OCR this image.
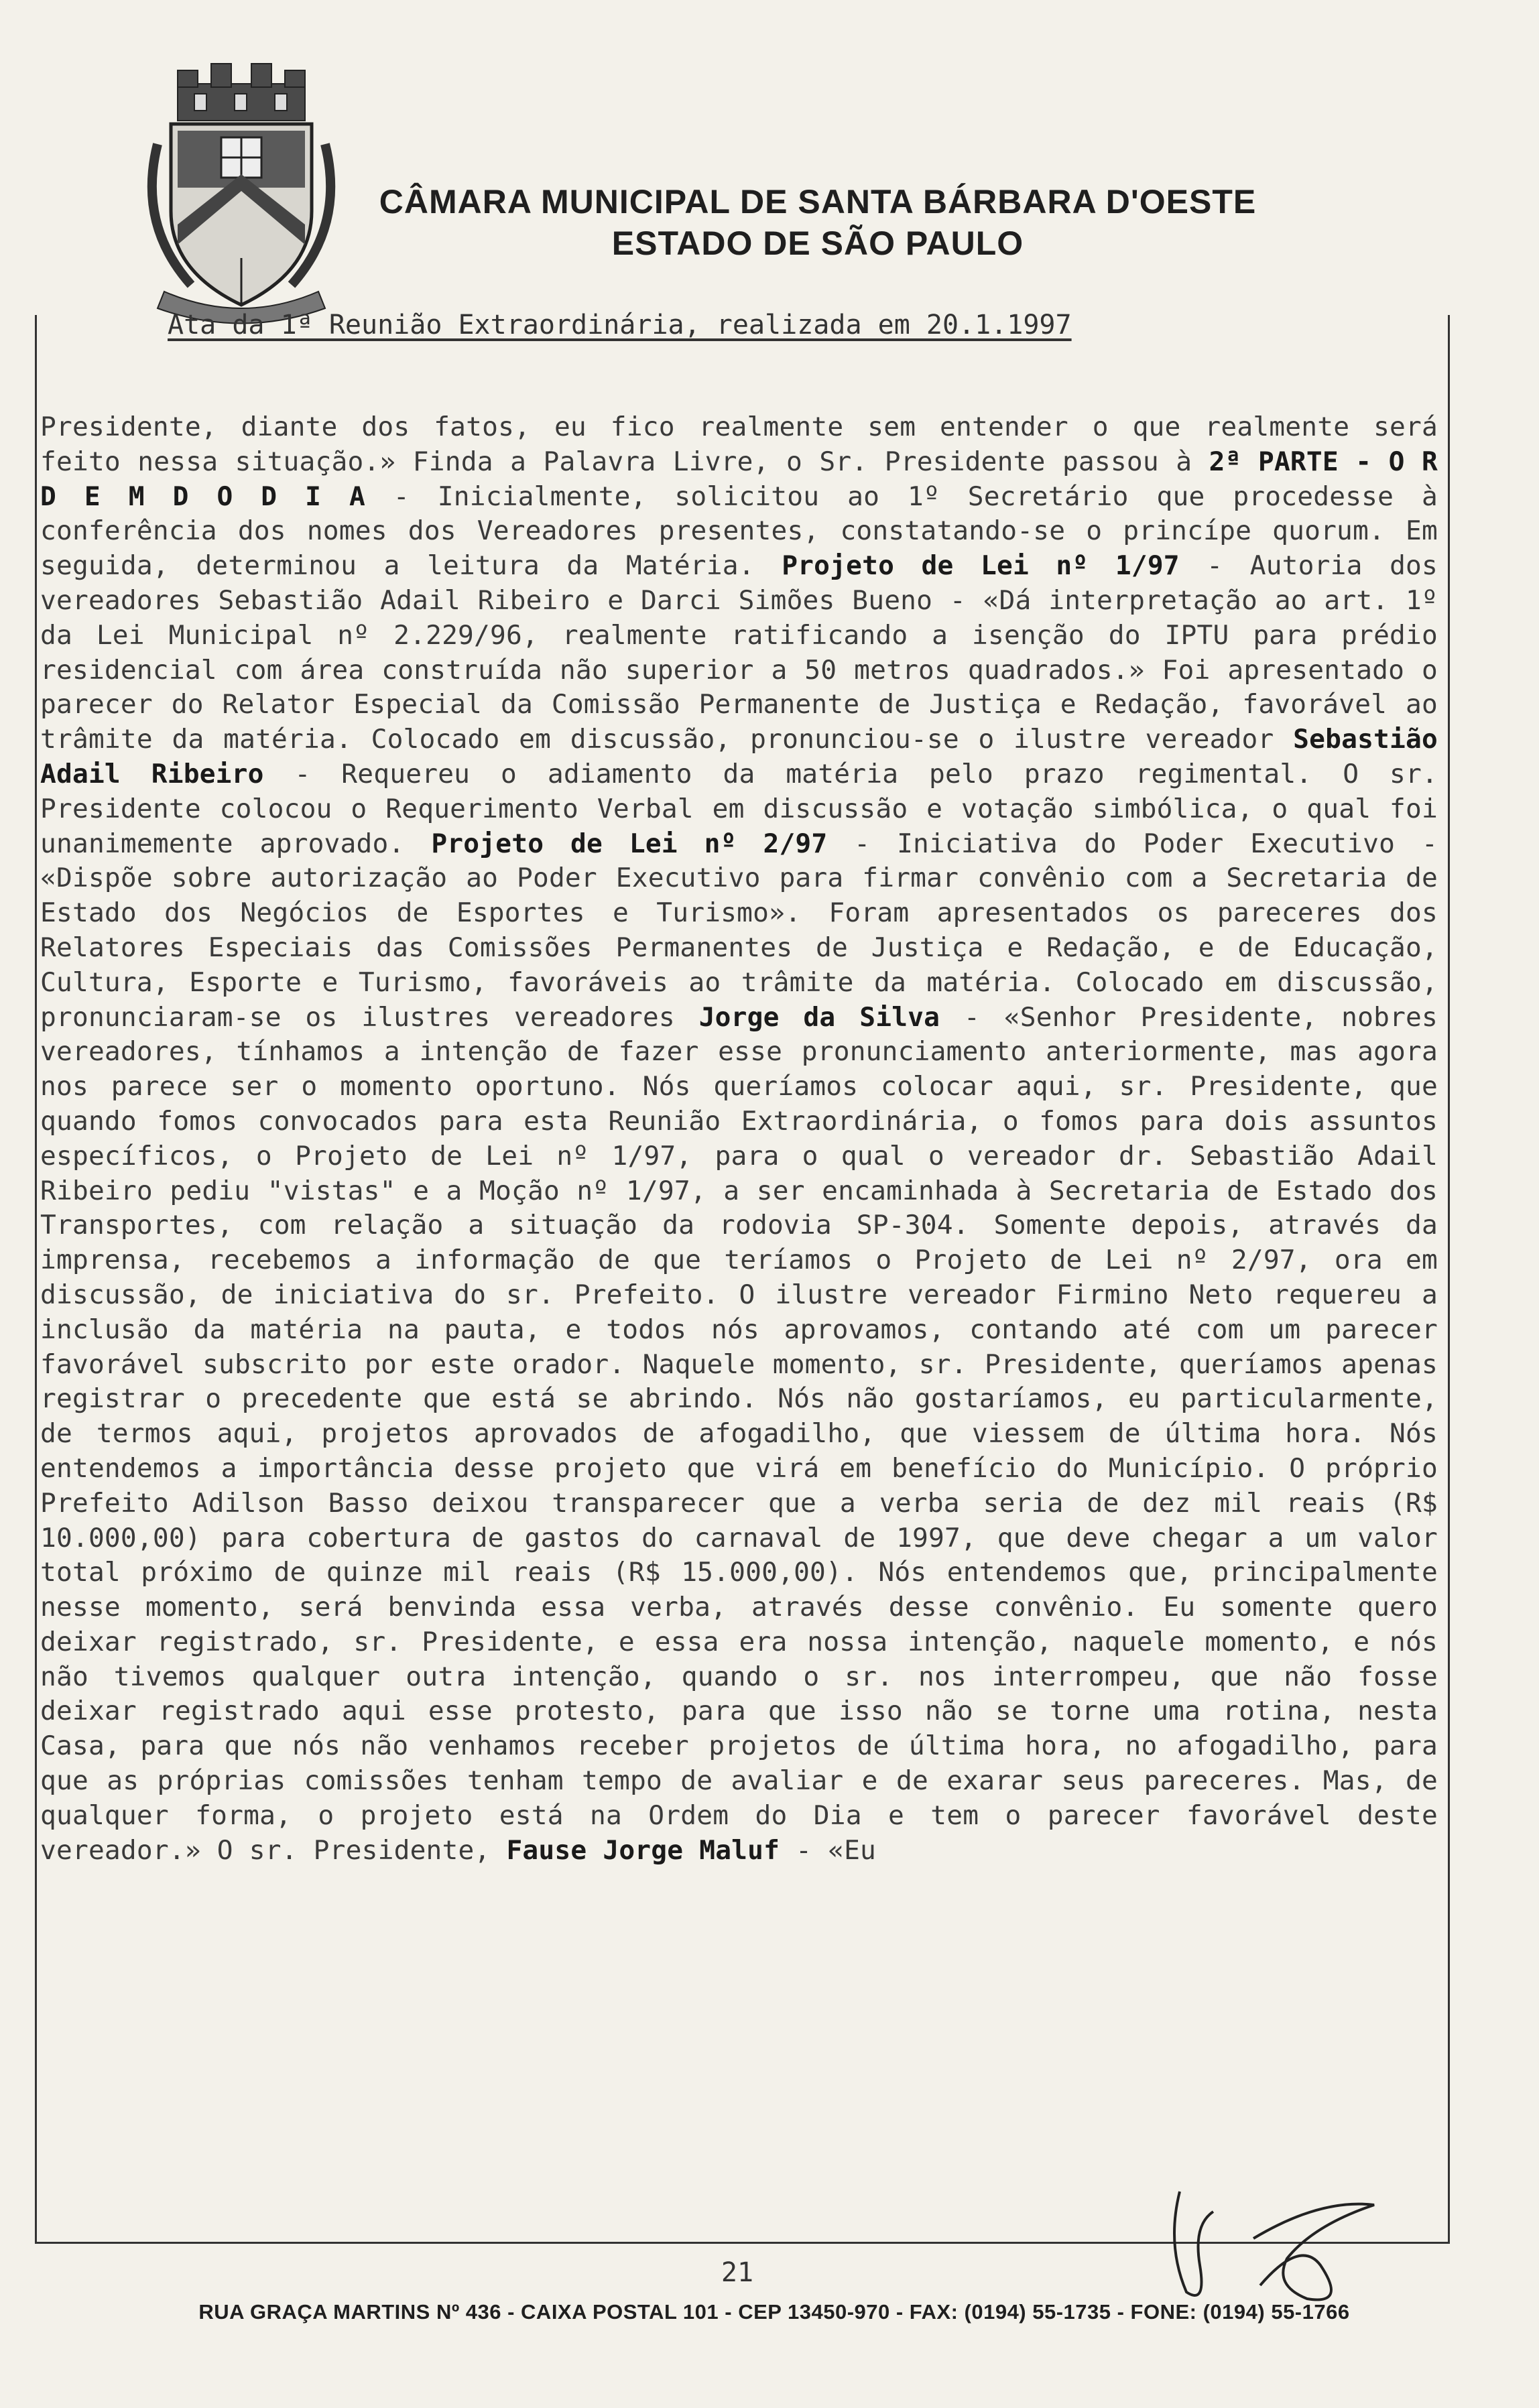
CÂMARA MUNICIPAL DE SANTA BÁRBARA D'OESTE
ESTADO DE SÃO PAULO
Ata da 1ª Reunião Extraordinária, realizada em 20.1.1997
Presidente, diante dos fatos, eu fico realmente sem entender o que realmente será feito nessa situação.» Finda a Palavra Livre, o Sr. Presidente passou à 2ª PARTE - O R D E M D O D I A - Inicialmente, solicitou ao 1º Secretário que procedesse à conferência dos nomes dos Vereadores presentes, constatando-se o princípe quorum. Em seguida, determinou a leitura da Matéria. Projeto de Lei nº 1/97 - Autoria dos vereadores Sebastião Adail Ribeiro e Darci Simões Bueno - «Dá interpretação ao art. 1º da Lei Municipal nº 2.229/96, realmente ratificando a isenção do IPTU para prédio residencial com área construída não superior a 50 metros quadrados.» Foi apresentado o parecer do Relator Especial da Comissão Permanente de Justiça e Redação, favorável ao trâmite da matéria. Colocado em discussão, pronunciou-se o ilustre vereador Sebastião Adail Ribeiro - Requereu o adiamento da matéria pelo prazo regimental. O sr. Presidente colocou o Requerimento Verbal em discussão e votação simbólica, o qual foi unanimemente aprovado. Projeto de Lei nº 2/97 - Iniciativa do Poder Executivo - «Dispõe sobre autorização ao Poder Executivo para firmar convênio com a Secretaria de Estado dos Negócios de Esportes e Turismo». Foram apresentados os pareceres dos Relatores Especiais das Comissões Permanentes de Justiça e Redação, e de Educação, Cultura, Esporte e Turismo, favoráveis ao trâmite da matéria. Colocado em discussão, pronunciaram-se os ilustres vereadores Jorge da Silva - «Senhor Presidente, nobres vereadores, tínhamos a intenção de fazer esse pronunciamento anteriormente, mas agora nos parece ser o momento oportuno. Nós queríamos colocar aqui, sr. Presidente, que quando fomos convocados para esta Reunião Extraordinária, o fomos para dois assuntos específicos, o Projeto de Lei nº 1/97, para o qual o vereador dr. Sebastião Adail Ribeiro pediu "vistas" e a Moção nº 1/97, a ser encaminhada à Secretaria de Estado dos Transportes, com relação a situação da rodovia SP-304. Somente depois, através da imprensa, recebemos a informação de que teríamos o Projeto de Lei nº 2/97, ora em discussão, de iniciativa do sr. Prefeito. O ilustre vereador Firmino Neto requereu a inclusão da matéria na pauta, e todos nós aprovamos, contando até com um parecer favorável subscrito por este orador. Naquele momento, sr. Presidente, queríamos apenas registrar o precedente que está se abrindo. Nós não gostaríamos, eu particularmente, de termos aqui, projetos aprovados de afogadilho, que viessem de última hora. Nós entendemos a importância desse projeto que virá em benefício do Município. O próprio Prefeito Adilson Basso deixou transparecer que a verba seria de dez mil reais (R$ 10.000,00) para cobertura de gastos do carnaval de 1997, que deve chegar a um valor total próximo de quinze mil reais (R$ 15.000,00). Nós entendemos que, principalmente nesse momento, será benvinda essa verba, através desse convênio. Eu somente quero deixar registrado, sr. Presidente, e essa era nossa intenção, naquele momento, e nós não tivemos qualquer outra intenção, quando o sr. nos interrompeu, que não fosse deixar registrado aqui esse protesto, para que isso não se torne uma rotina, nesta Casa, para que nós não venhamos receber projetos de última hora, no afogadilho, para que as próprias comissões tenham tempo de avaliar e de exarar seus pareceres. Mas, de qualquer forma, o projeto está na Ordem do Dia e tem o parecer favorável deste vereador.» O sr. Presidente, Fause Jorge Maluf - «Eu
21
RUA GRAÇA MARTINS Nº 436 - CAIXA POSTAL 101 - CEP 13450-970 - FAX: (0194) 55-1735 - FONE: (0194) 55-1766
